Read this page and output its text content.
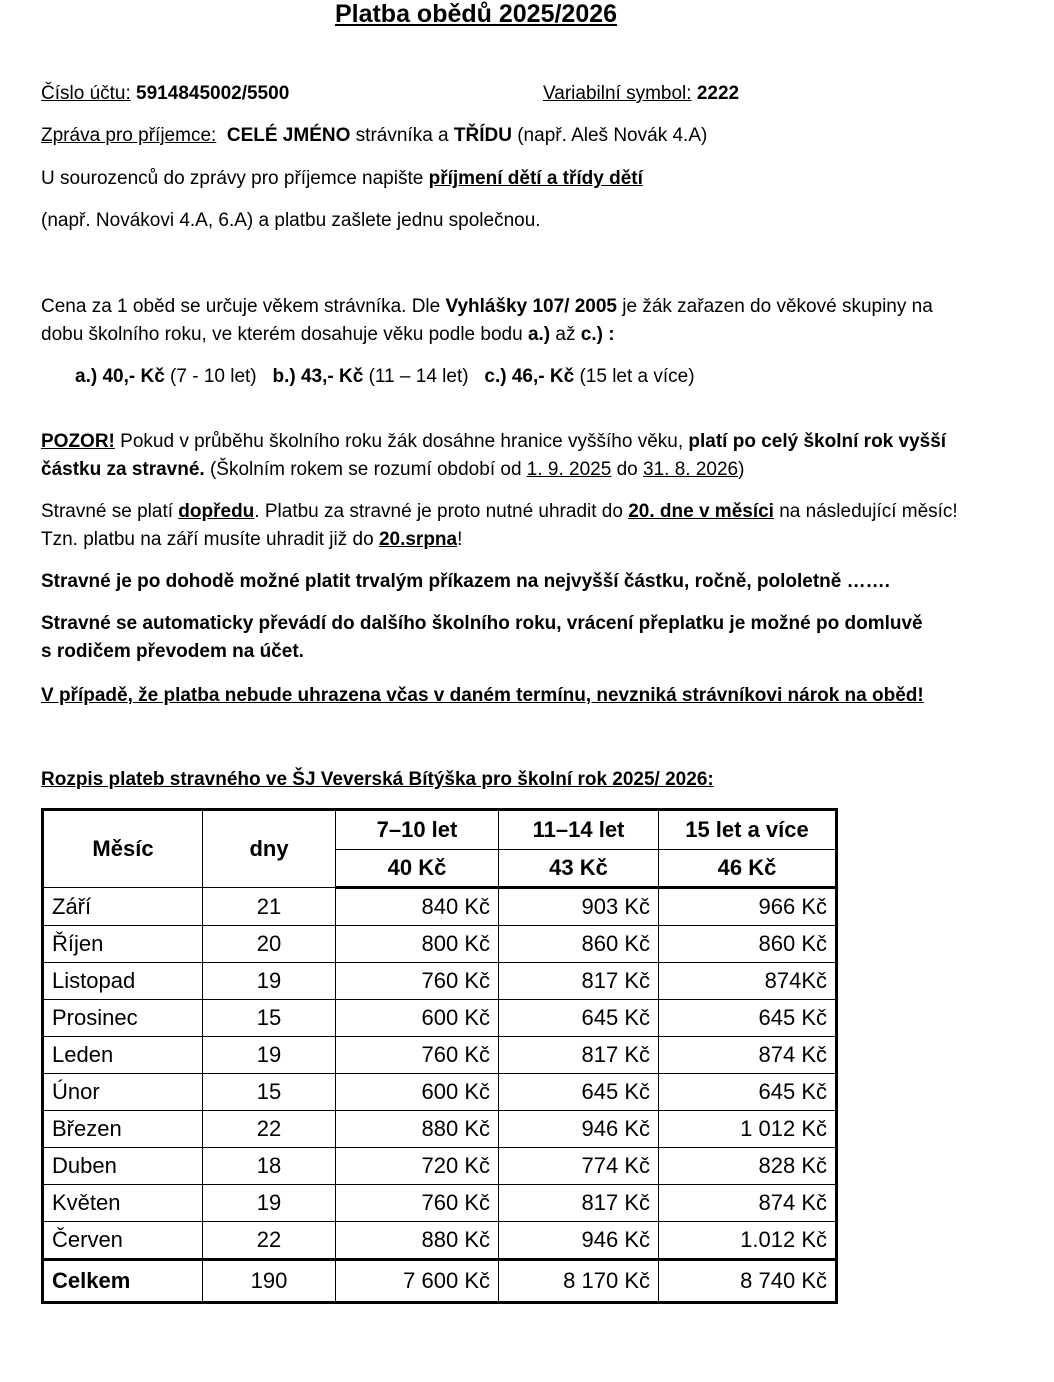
Platba obědů 2025/2026
Číslo účtu: 5914845002/5500	Variabilní symbol: 2222
Zpráva pro příjemce: CELÉ JMÉNO strávníka a TŘÍDU (např. Aleš Novák 4.A)
U sourozenců do zprávy pro příjemce napište příjmení dětí a třídy dětí
(např. Novákovi 4.A, 6.A) a platbu zašlete jednu společnou.
Cena za 1 oběd se určuje věkem strávníka. Dle Vyhlášky 107/ 2005 je žák zařazen do věkové skupiny na
dobu školního roku, ve kterém dosahuje věku podle bodu a.) až c.) :
a.) 40,- Kč (7 - 10 let) b.) 43,- Kč (11 – 14 let) c.) 46,- Kč (15 let a více)
POZOR! Pokud v průběhu školního roku žák dosáhne hranice vyššího věku, platí po celý školní rok vyšší
částku za stravné. (Školním rokem se rozumí období od 1. 9. 2025 do 31. 8. 2026)
Stravné se platí dopředu. Platbu za stravné je proto nutné uhradit do 20. dne v měsíci na následující měsíc!
Tzn. platbu na září musíte uhradit již do 20.srpna!
Stravné je po dohodě možné platit trvalým příkazem na nejvyšší částku, ročně, pololetně …….
Stravné se automaticky převádí do dalšího školního roku, vrácení přeplatku je možné po domluvě
s rodičem převodem na účet.
V případě, že platba nebude uhrazena včas v daném termínu, nevzniká strávníkovi nárok na oběd!
Rozpis plateb stravného ve ŠJ Veverská Bítýška pro školní rok 2025/ 2026:
Měsíc	dny	7–10 let	11–14 let	15 let a více
		40 Kč	43 Kč	46 Kč
Září	21	840 Kč	903 Kč	966 Kč
Říjen	20	800 Kč	860 Kč	860 Kč
Listopad	19	760 Kč	817 Kč	874Kč
Prosinec	15	600 Kč	645 Kč	645 Kč
Leden	19	760 Kč	817 Kč	874 Kč
Únor	15	600 Kč	645 Kč	645 Kč
Březen	22	880 Kč	946 Kč	1 012 Kč
Duben	18	720 Kč	774 Kč	828 Kč
Květen	19	760 Kč	817 Kč	874 Kč
Červen	22	880 Kč	946 Kč	1.012 Kč
Celkem	190	7 600 Kč	8 170 Kč	8 740 Kč
